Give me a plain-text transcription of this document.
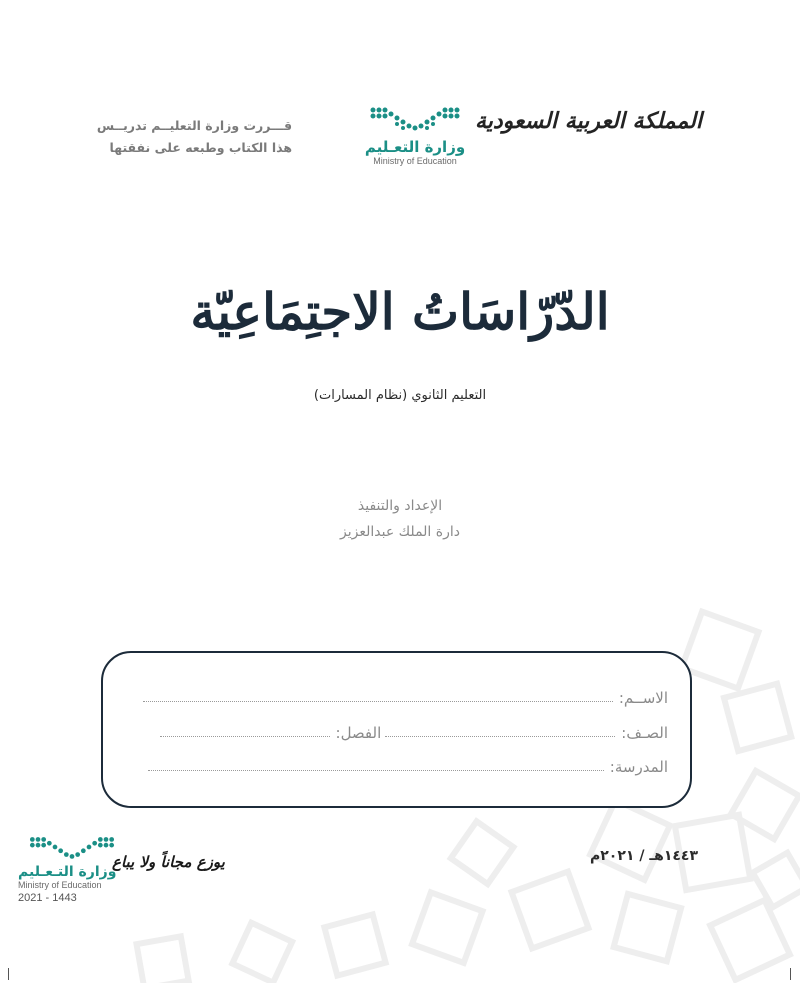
المملكة العربية السعودية
وزارة التعـليم
Ministry of Education
قـــررت وزارة التعليــم تدريــس
هذا الكتاب وطبعه على نفقتها
الدّرّاسَاتُ الاجتِمَاعِيّة
التعليم الثانوي (نظام المسارات)
الإعداد والتنفيذ
دارة الملك عبدالعزيز
الاســم:
الصـف:
الفصل:
المدرسة:
١٤٤٣هـ / ٢٠٢١م
يوزع مجاناً ولا يباع
وزارة التـعـليم
Ministry of Education
2021 - 1443
